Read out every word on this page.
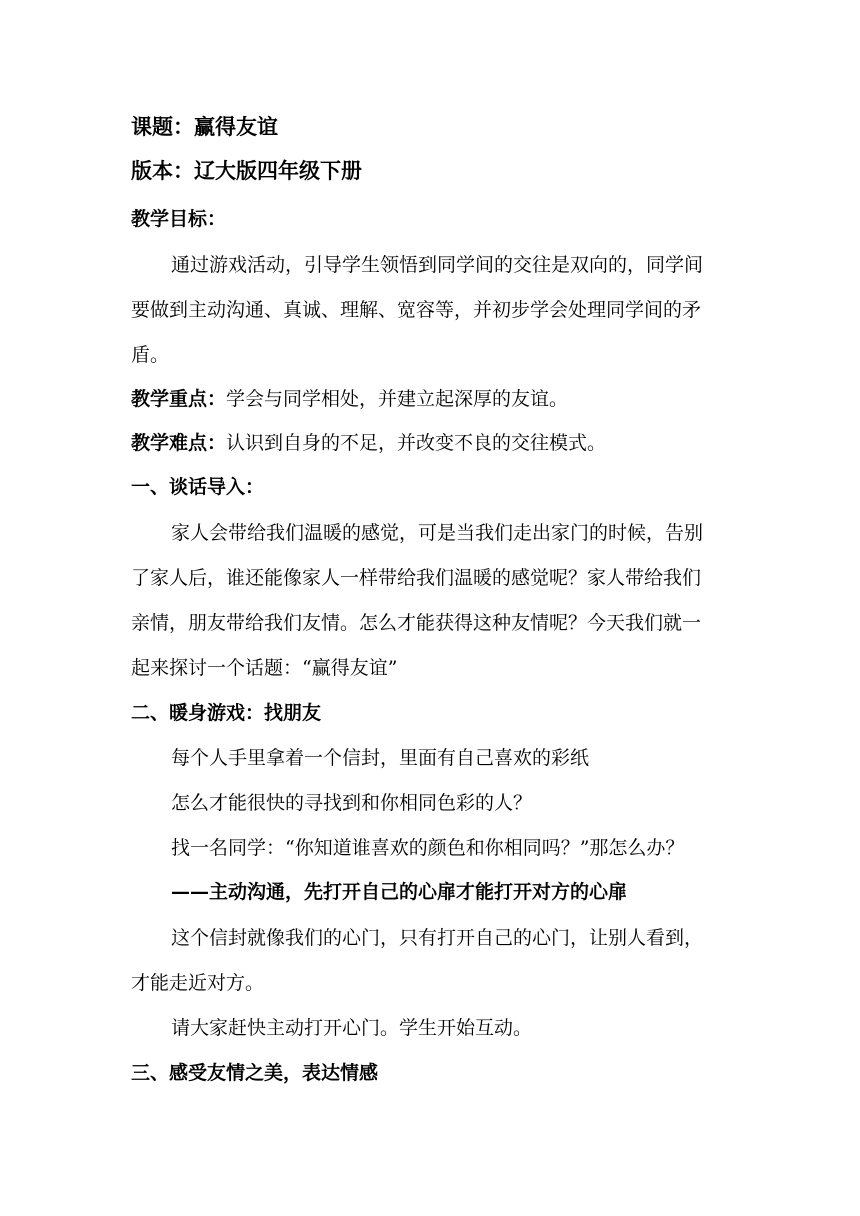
课题：赢得友谊
版本：辽大版四年级下册
教学目标：
通过游戏活动，引导学生领悟到同学间的交往是双向的，同学间
要做到主动沟通、真诚、理解、宽容等，并初步学会处理同学间的矛
盾。
教学重点：学会与同学相处，并建立起深厚的友谊。
教学难点：认识到自身的不足，并改变不良的交往模式。
一、谈话导入：
家人会带给我们温暖的感觉，可是当我们走出家门的时候，告别
了家人后，谁还能像家人一样带给我们温暖的感觉呢？家人带给我们
亲情，朋友带给我们友情。怎么才能获得这种友情呢？今天我们就一
起来探讨一个话题：“赢得友谊”
二、暖身游戏：找朋友
每个人手里拿着一个信封，里面有自己喜欢的彩纸
怎么才能很快的寻找到和你相同色彩的人？
找一名同学：“你知道谁喜欢的颜色和你相同吗？”那怎么办？
——主动沟通，先打开自己的心扉才能打开对方的心扉
这个信封就像我们的心门，只有打开自己的心门，让别人看到，
才能走近对方。
请大家赶快主动打开心门。学生开始互动。
三、感受友情之美，表达情感
